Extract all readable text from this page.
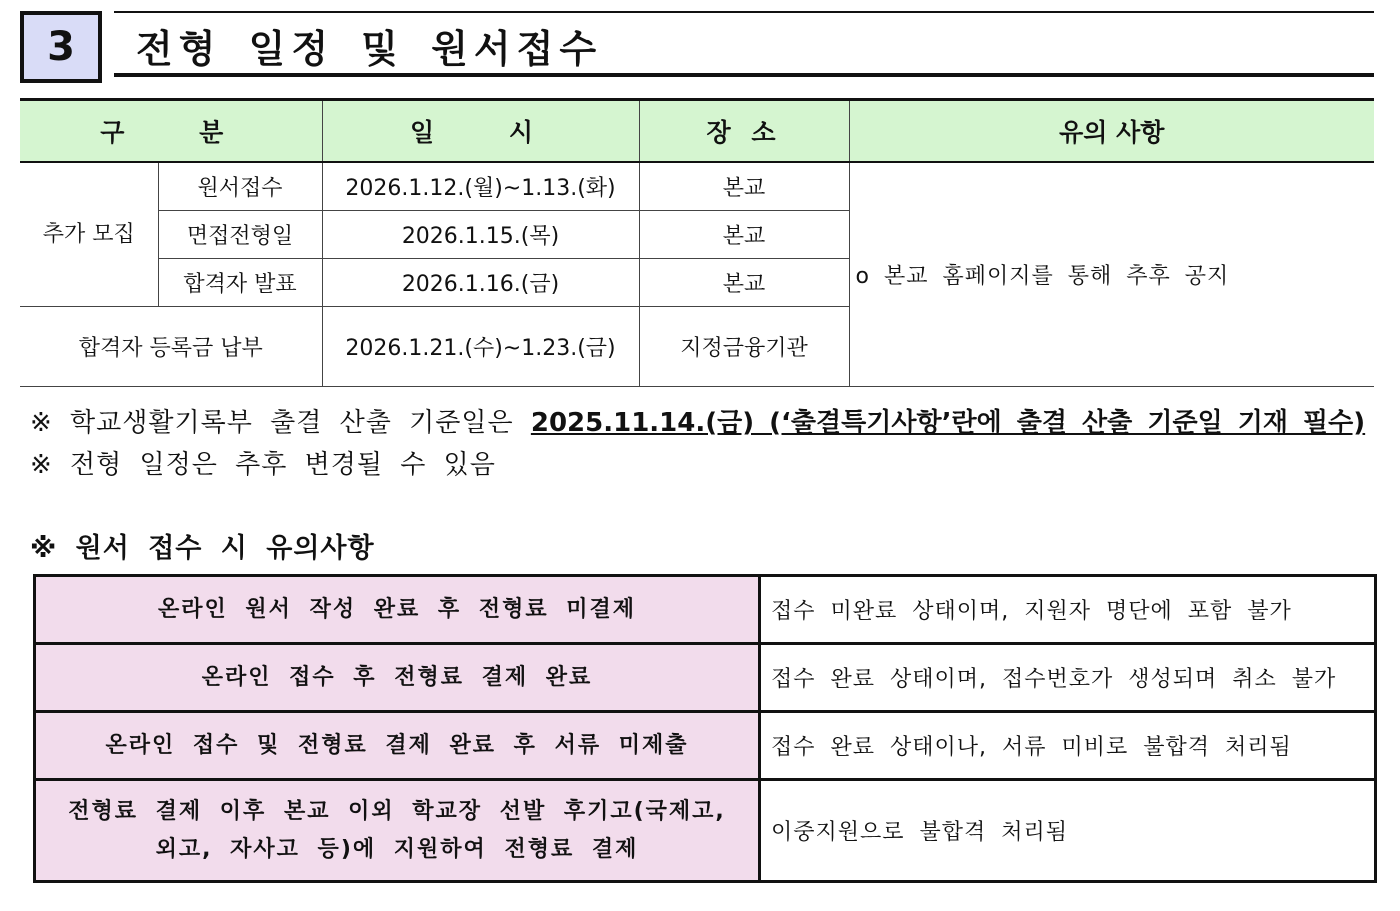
3	전형 일정 및 원서접수
구 분		일 시	장 소	유의 사항
추가 모집	원서접수	2026.1.12.(월)~1.13.(화)	본교	o 본교 홈페이지를 통해 추후 공지
	면접전형일	2026.1.15.(목)	본교	
	합격자 발표	2026.1.16.(금)	본교	
합격자 등록금 납부		2026.1.21.(수)~1.23.(금)	지정금융기관	
※ 학교생활기록부 출결 산출 기준일은 2025.11.14.(금) (‘출결특기사항’란에 출결 산출 기준일 기재 필수)
※ 전형 일정은 추후 변경될 수 있음
※ 원서 접수 시 유의사항
온라인 원서 작성 완료 후 전형료 미결제	접수 미완료 상태이며, 지원자 명단에 포함 불가
온라인 접수 후 전형료 결제 완료	접수 완료 상태이며, 접수번호가 생성되며 취소 불가
온라인 접수 및 전형료 결제 완료 후 서류 미제출	접수 완료 상태이나, 서류 미비로 불합격 처리됨
전형료 결제 이후 본교 이외 학교장 선발 후기고(국제고, 외고, 자사고 등)에 지원하여 전형료 결제	이중지원으로 불합격 처리됨
